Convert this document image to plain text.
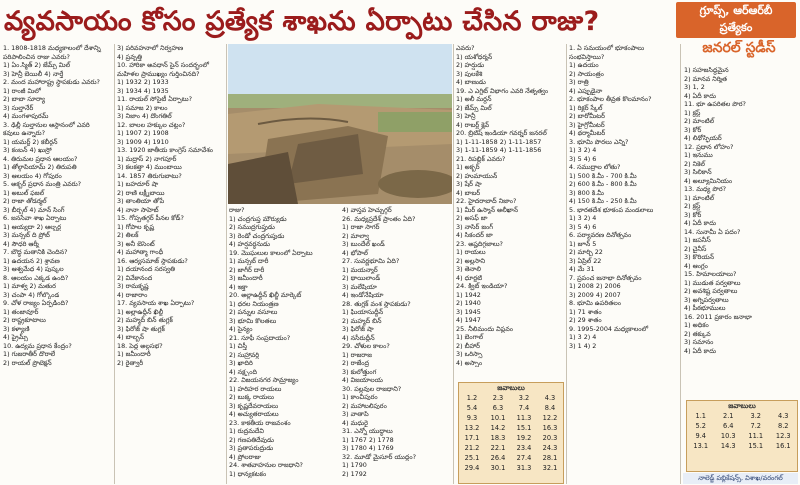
వ్యవసాయం కోసం ప్రత్యేక శాఖను ఏర్పాటు చేసిన రాజు?	గ్రూప్స్, ఆర్‌ఆర్‌బీ
ప్రత్యేకం
జనరల్ స్టడీస్

1. 1808-1818 మధ్యకాలంలో దేశాన్ని

పరిపాలించిన రాజు ఎవరు?

1) ఏం.స్మిత్ 2) జేమ్స్ మిల్

3) హెన్రీ బెయిలీ 4) నార్తే

2. మంద మహారాష్ట్ర స్థాపకుడు ఎవరు?

1) రాంజీ మిలో

2) బాబా సూర్యా

3) సుల్తానేర్

4) మంగళాపురమ్

3. ఢిల్లీ సుల్తానుల ఆస్థానంలో ఎవరి

కవులు ఉన్నారు?

1) యమర్జ్ 2) కబీర్గన్

3) కంబన్ 4) ఖుస్రో

4. తిరుమల ప్రధాన ఆలయం?

1) తోల్గాపియామ్ 2) తిరుపతి

3) ఆలయం 4) గోపురం

5. అక్బర్ ప్రధాన మంత్రి ఎవరు?

1) అబుల్ ఫజల్

2) రాజా తోడర్మల్

3) బీర్బల్ 4) మాన్ సింగ్

6. జనసేవా శాఖ ఏర్పాటు

1) ఆయ్యదా 2) ఆల్బర్ట

3) మన్సబ్ ది ప్రోబ్

4) సౌధరి ఆర్మీ

7. బౌద్ధ మతానికి చెందిన?

1) ఉదయన 2) శ్రావణ

3) ఆశ్వమేధ 4) పుష్కల

8. ఆలయం ఎక్కడ ఉంది?

1) మాళ్వ 2) మతుర

3) చంపా 4) గోల్కొండ

9. చోళ రాజ్యం ఏర్పడింది?

1) తంజావూర్

2) రాష్ట్రకూటాలు

3) కళ్యాణి

4) ప్రైమ్స్

10. ఉద్యమ ప్రధాన కేంద్రం?

1) గుజరాతీర్ దొరాలే

2) రాయల్ ప్రొటెక్షన్

3) పరివహనాలో నిర్వహణ

4) ప్రవృత్తి

10. హారికా అవధాన్ సైన్ సందర్భంలో

మహిళల ప్రాముఖ్యం గుర్తించినది?

1) 1932 2) 1933

3) 1934 4) 1935

11. రాయల్ సోసైటీ ఏర్పాటు?

1) సమాజ 2) కాలం

3) నిజాం 4) దొంగతిల్

12. బాలల హక్కుల చట్టం?

1) 1907 2) 1908

3) 1909 4) 1910

13. 1920 జాతీయ కాంగ్రెస్ సమావేశం

1) మద్రాస్ 2) నాగపూర్

3) కలకత్తా 4) ముంబాయి

14. 1857 తిరుగుబాటు?

1) బహదూర్ షా

2) రాణి లక్ష్మీబాయి

3) తాంతియా తోపే

4) నానా సాహెబ్

15. గోప్పతగ్గర్ పీనల కోడ్?

1) గోపాల కృష్ణ

2) తిలక్

3) అనీ బెసెంట్

4) మహాత్మా గాంధీ

16. ఆర్యసమాజ్ స్థాపకుడు?

1) దయానంద సరస్వతి

2) వివేకానంద

3) రామకృష్ణ

4) రాజారాం

17. వ్యవసాయ శాఖ ఏర్పాటు?

1) అల్లాఉద్దీన్ ఖిల్జీ

2) మహ్మద్ బిన్ తుగ్లక్

3) ఫిరోజ్ షా తుగ్లక్

4) బాల్బన్

18. పెద్ద అల్గసభ?

1) జమీందారీ

2) రైత్వారీ

రాజు?

1) చంద్రగుప్త మౌర్యుడు

2) సముద్రగుప్తుడు

3) రెండో చంద్రగుప్తుడు

4) హర్షవర్ధనుడు

19. మొఘలుల కాలంలో ఏర్పాటు

1) మన్సబ్ దారీ

2) జాగీర్ దారీ

3) జమీందారీ

4) ఇక్తా

20. అల్లాఉద్దీన్ ఖిల్జీ మార్కెట్

1) ధరల నియంత్రణ

2) పన్నుల వసూలు

3) భూమి కొలతలు

4) సైన్యం

21. సూఫీ సంప్రదాయం?

1) చిస్తీ

2) సుహ్రావర్ది

3) ఖాదిరి

4) నక్ష్బంది

22. విజయనగర సామ్రాజ్యం

1) హరిహర రాయలు

2) బుక్క రాయలు

3) కృష్ణదేవరాయలు

4) అచ్యుతరాయలు

23. కాకతీయ రాజవంశం

1) రుద్రమదేవి

2) గణపతిదేవుడు

3) ప్రతాపరుద్రుడు

4) ప్రోలరాజు

24. శాతవాహనుల రాజధాని?

1) ధాన్యకటకం

4) వాస్తవ హెచ్చుగ్గర్

26. మధ్యప్రదేశ్ ప్రాంతం ఏది?

1) రాజా సాగర్

2) మాల్వా

3) బుందేల్ ఖండ్

4) భోపాల్

27. సువర్ణభూమి ఏది?

1) మయన్మార్

2) థాయిలాండ్

3) మలేషియా

4) ఇండోనేషియా

28. తుగ్లక్ వంశ స్థాపకుడు?

1) ఘియాసుద్దీన్

2) మహ్మద్ బిన్

3) ఫిరోజ్ షా

4) నసీరుద్దీన్

29. చోళుల కాలం?

1) రాజరాజ

2) రాజేంద్ర

3) కులోత్తుంగ

4) విజయాలయ

30. పల్లవుల రాజధాని?

1) కాంచీపురం

2) మహాబలిపురం

3) వాతాపి

4) మధురై

31. ఎన్నో యుద్ధాలు

1) 1767 2) 1778

3) 1780 4) 1769

32. మూడో మైసూర్ యుద్ధం?

1) 1790

2) 1792

ఎవరు?

1) యశోధర్మన్

2) హర్షుడు

3) పులకేశి

4) బాణుడు

19. ఎ ఎగ్జిట్ విభాగం ఎవరి నేతృత్వం

1) అలీ మర్దన్

2) జేమ్స్ మిల్

3) హెన్రీ

4) రాబర్ట్ క్లైవ్

20. బ్రిటిష్ ఇండియా గవర్నర్ జనరల్

1) 1-11-1858 2) 1-11-1857

3) 1-11-1859 4) 1-11-1856

21. రిపబ్లిక్ ఎవరు?

1) అక్బర్

2) హుమాయున్

3) షేర్ షా

4) బాబర్

22. హైదరాబాద్ నిజాం?

1) మీర్ ఉస్మాన్ అలీఖాన్

2) అసఫ్ జా

3) నాసిర్ జంగ్

4) సికందర్ జా

23. అష్టదిగ్గజాలు?

1) రాయలు

2) అల్లసాని

3) తెనాలి

4) ధూర్జటి

24. క్విట్ ఇండియా?

1) 1942

2) 1940

3) 1945

4) 1947

25. నీలిమందు విప్లవం

1) బెంగాల్

2) బీహార్

3) ఒరిస్సా

4) అస్సాం

జవాబులు
1.2	2.3	3.2	4.3
5.4	6.3	7.4	8.4
9.3	10.1	11.3	12.2
13.2	14.2	15.1	16.3
17.1	18.3	19.2	20.3
21.2	22.1	23.4	24.3
25.1	26.4	27.4	28.1
29.4	30.1	31.3	32.1

1. ఏ సమయంలో భూకంపాలు

సంభవిస్తాయి?

1) ఉదయం

2) సాయంత్రం

3) రాత్రి

4) ఎప్పుడైనా

2. భూకంపాల తీవ్రత కొలమానం?

1) రిక్టర్ స్కేల్

2) బారోమీటర్

3) హైగ్రోమీటర్

4) థర్మామీటర్

3. భూమి పొరలు ఎన్ని?

1) 3 2) 4

3) 5 4) 6

4. సముద్రాల లోతు?

1) 500 కి.మీ - 700 కి.మీ

2) 600 కి.మీ - 800 కి.మీ

3) 800 కి.మీ

4) 150 కి.మీ - 250 కి.మీ

5. భారతదేశ భూకంప మండలాలు

1) 3 2) 4

3) 5 4) 6

6. పర్యావరణ దినోత్సవం

1) జూన్ 5

2) మార్చి 22

3) ఏప్రిల్ 22

4) మే 31

7. ప్రపంచ జనాభా దినోత్సవం

1) 2008 2) 2006

3) 2009 4) 2007

8. భూమి ఉపరితలం

1) 71 శాతం

2) 29 శాతం

9. 1995-2004 మధ్యకాలంలో

1) 3 2) 4

3) 1 4) 2

1) సహజసిద్ధమైన

2) మానవ నిర్మిత

3) 1, 2

4) ఏదీ కాదు

11. భూ ఉపరితల పొర?

1) క్రస్ట్

2) మాంటిల్

3) కోర్

4) లిథోస్ఫియర్

12. ప్రధాన లోహం?

1) ఇనుము

2) నికెల్

3) సిలికాన్

4) అల్యూమినియం

13. మధ్య పొర?

1) మాంటిల్

2) క్రస్ట్

3) కోర్

4) ఏదీ కాదు

14. సునామీ ఏ పదం?

1) జపనీస్

2) చైనీస్

3) కొరియన్

4) ఆంగ్లం

15. హిమాలయాలు?

1) ముడుత పర్వతాలు

2) అవశిష్ట పర్వతాలు

3) అగ్నిపర్వతాలు

4) పీఠభూములు

16. 2011 ప్రకారం జనాభా

1) అధికం

2) తక్కువ

3) సమానం

4) ఏదీ కాదు

జవాబులు
1.1	2.1	3.2	4.3
5.2	6.4	7.2	8.2
9.4	10.3	11.1	12.3
13.1	14.3	15.1	16.1
నాలెడ్జ్ పబ్లికేషన్స్, విశాఖ/వరంగల్
